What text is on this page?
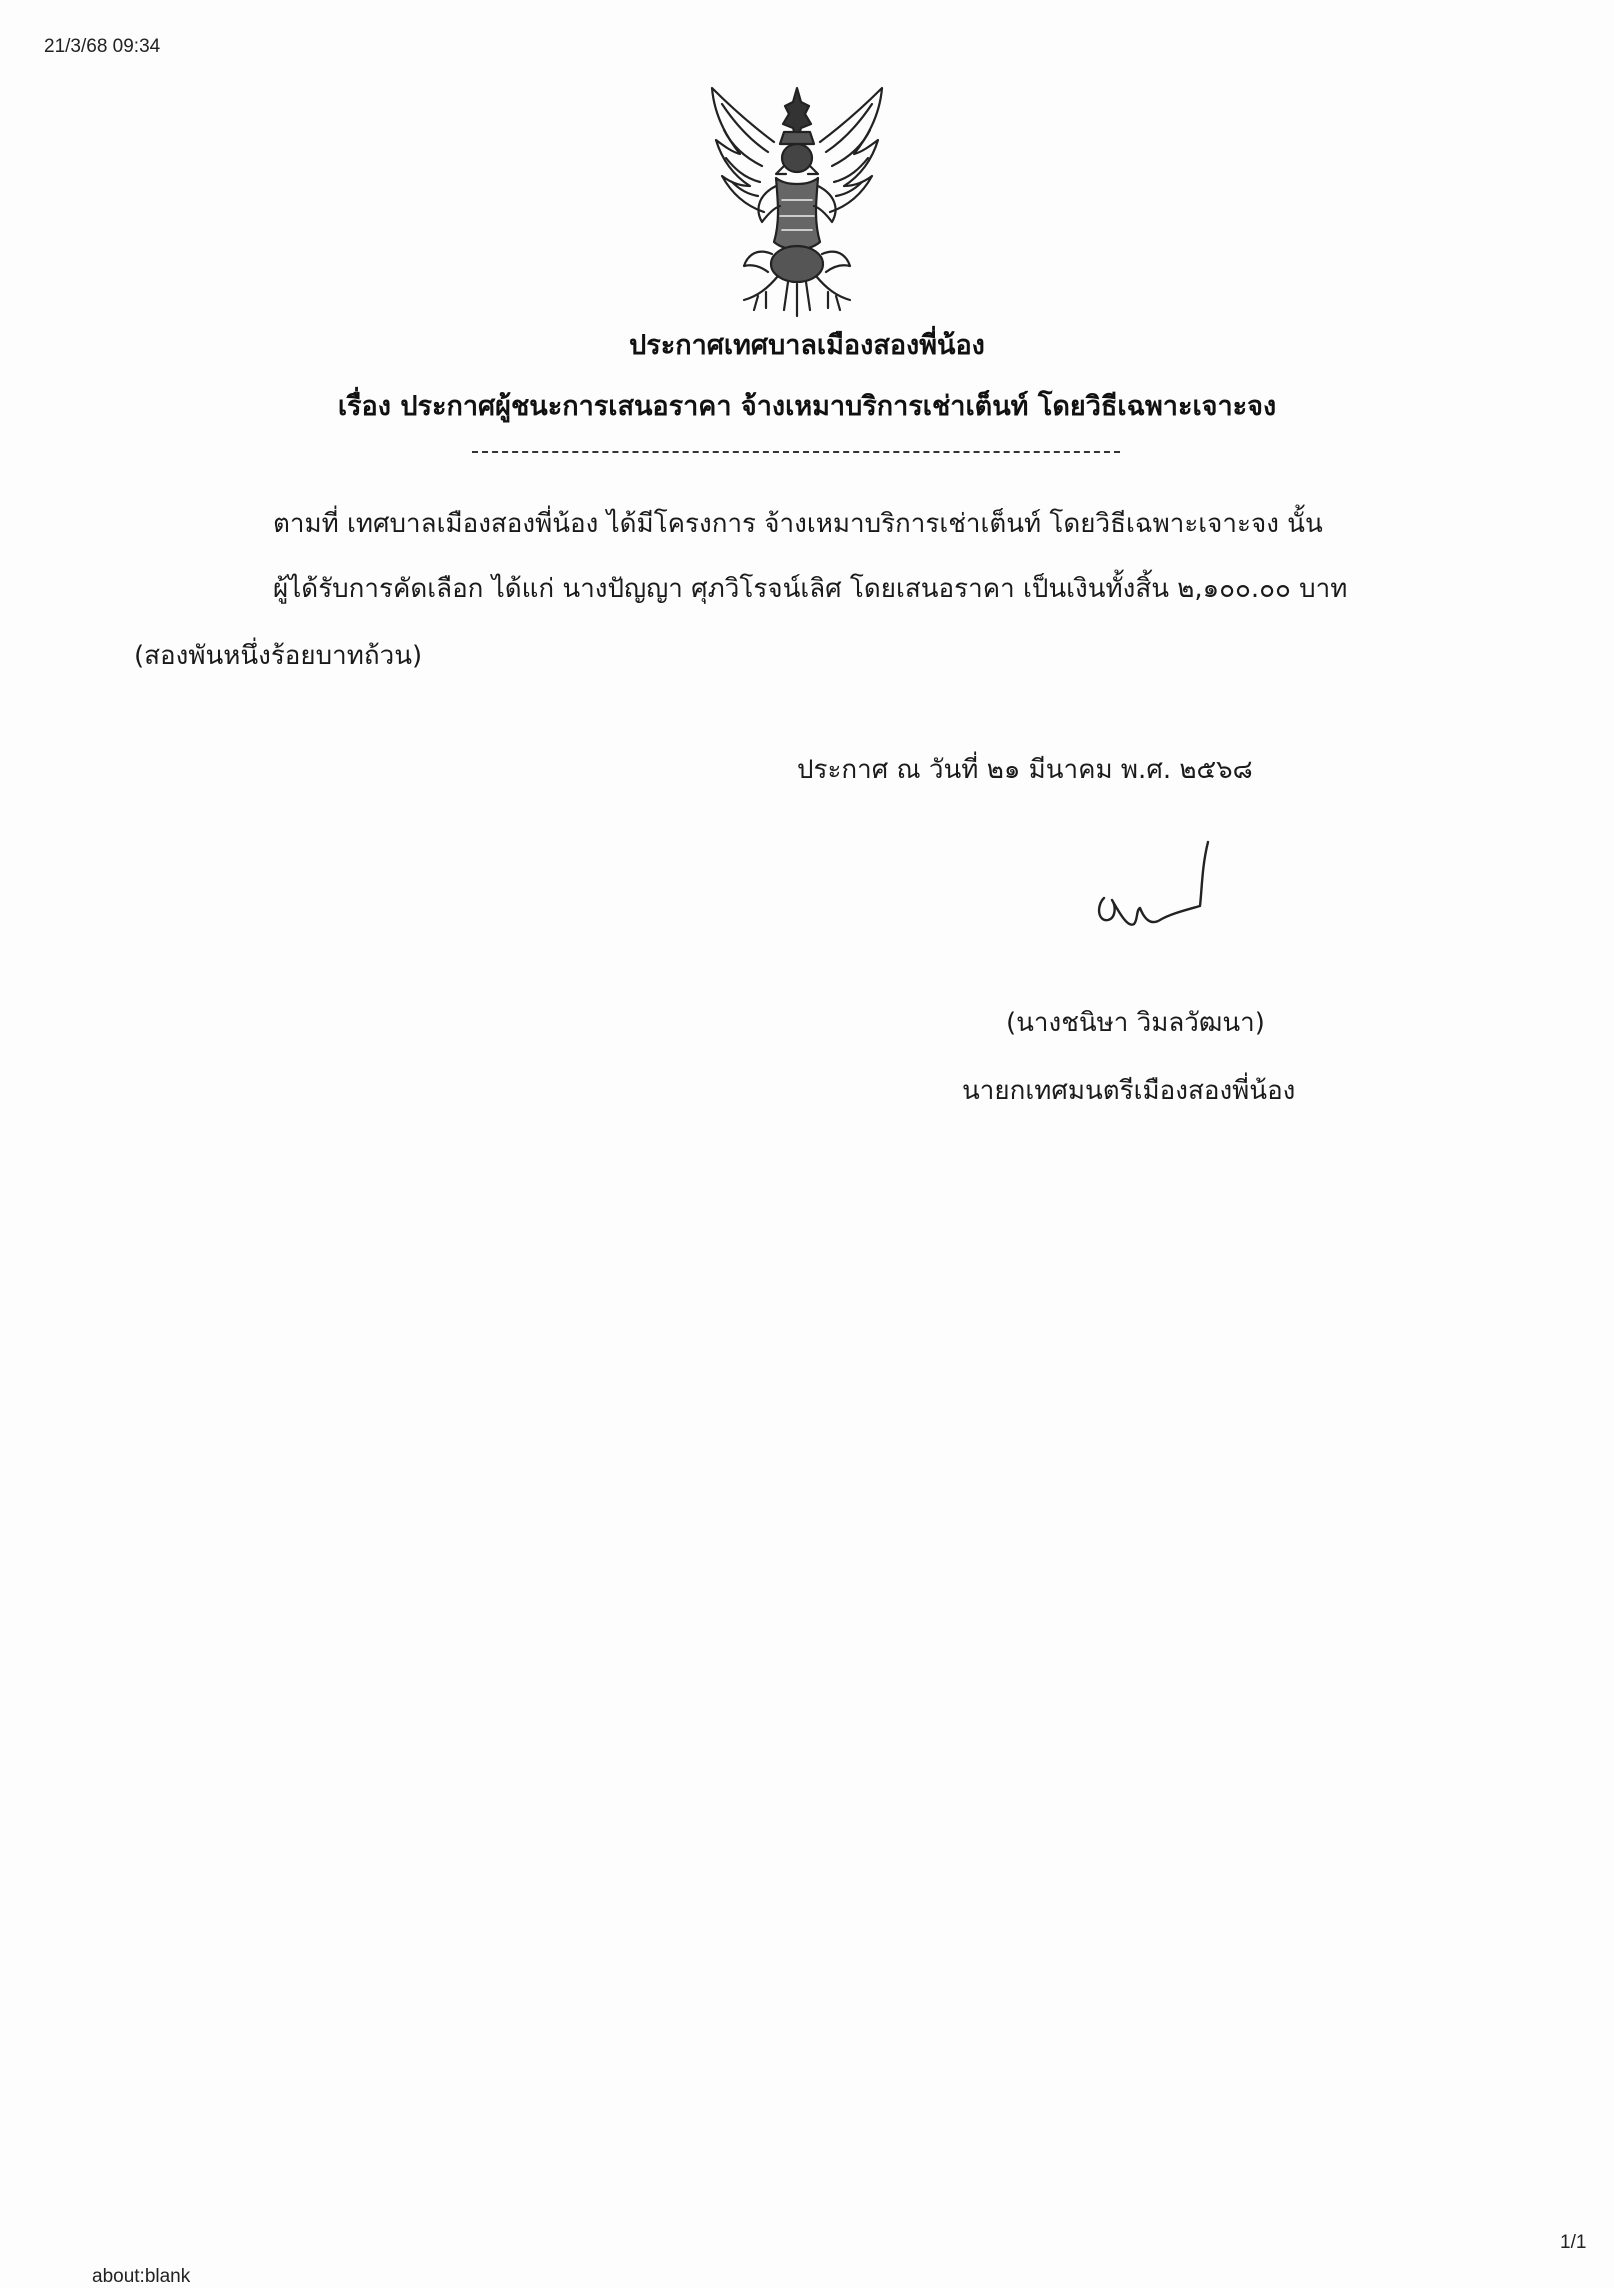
21/3/68 09:34
ประกาศเทศบาลเมืองสองพี่น้อง
เรื่อง ประกาศผู้ชนะการเสนอราคา จ้างเหมาบริการเช่าเต็นท์ โดยวิธีเฉพาะเจาะจง
ตามที่ เทศบาลเมืองสองพี่น้อง ได้มีโครงการ จ้างเหมาบริการเช่าเต็นท์ โดยวิธีเฉพาะเจาะจง นั้น
ผู้ได้รับการคัดเลือก ได้แก่ นางปัญญา ศุภวิโรจน์เลิศ โดยเสนอราคา เป็นเงินทั้งสิ้น ๒,๑๐๐.๐๐ บาท
(สองพันหนึ่งร้อยบาทถ้วน)
ประกาศ ณ วันที่ ๒๑ มีนาคม พ.ศ. ๒๕๖๘
(นางชนิษา วิมลวัฒนา)
นายกเทศมนตรีเมืองสองพี่น้อง
1/1
about:blank
